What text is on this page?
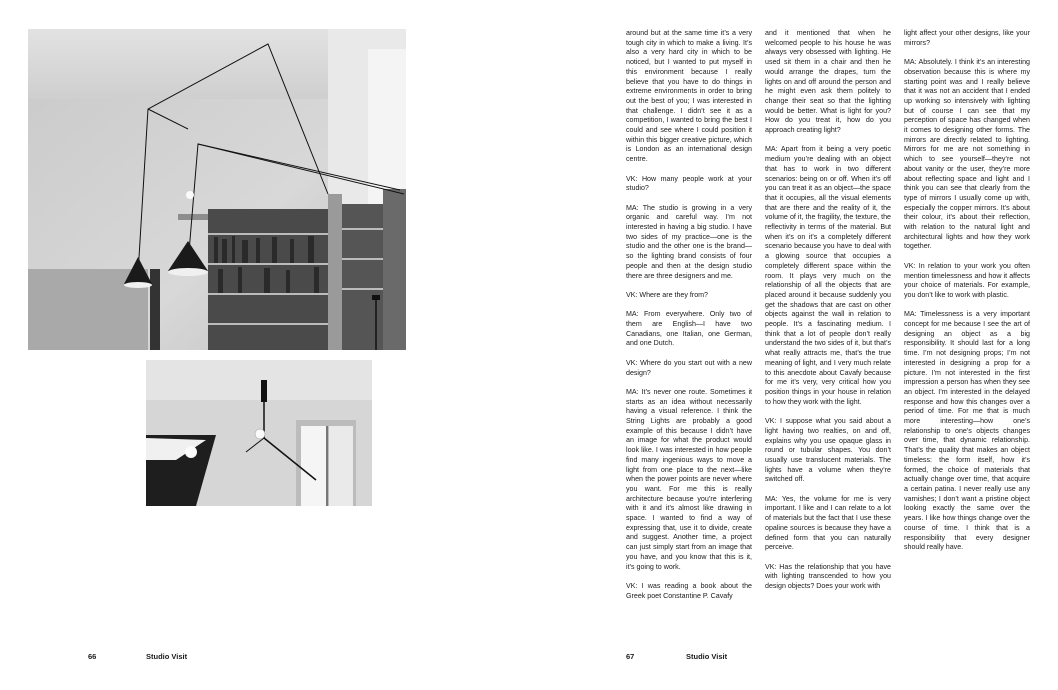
around but at the same time it’s a very tough city in which to make a living. It’s also a very hard city in which to be noticed, but I wanted to put myself in this environment because I really believe that you have to do things in extreme environments in order to bring out the best of you; I was interested in that challenge. I didn’t see it as a competition, I wanted to bring the best I could and see where I could position it within this bigger creative picture, which is London as an international design centre.

VK: How many people work at your studio?

MA: The studio is growing in a very organic and careful way. I’m not interested in having a big studio. I have two sides of my practice—one is the studio and the other one is the brand—so the lighting brand consists of four people and then at the design studio there are three designers and me.

VK: Where are they from?

MA: From everywhere. Only two of them are English—I have two Canadians, one Italian, one German, and one Dutch.

VK: Where do you start out with a new design?

MA: It’s never one route. Sometimes it starts as an idea without necessarily having a visual reference. I think the String Lights are probably a good example of this because I didn’t have an image for what the product would look like. I was interested in how people find many ingenious ways to move a light from one place to the next—like when the power points are never where you want. For me this is really architecture because you’re interfering with it and it’s almost like drawing in space. I wanted to find a way of expressing that, use it to divide, create and suggest. Another time, a project can just simply start from an image that you have, and you know that this is it, it’s going to work.

VK: I was reading a book about the Greek poet Constantine P. Cavafy

and it mentioned that when he welcomed people to his house he was always very obsessed with lighting. He used sit them in a chair and then he would arrange the drapes, turn the lights on and off around the person and he might even ask them politely to change their seat so that the lighting would be better. What is light for you? How do you treat it, how do you approach creating light?

MA: Apart from it being a very poetic medium you’re dealing with an object that has to work in two different scenarios: being on or off. When it’s off you can treat it as an object—the space that it occupies, all the visual elements that are there and the reality of it, the volume of it, the fragility, the texture, the reflectivity in terms of the material. But when it’s on it’s a completely different scenario because you have to deal with a glowing source that occupies a completely different space within the room. It plays very much on the relationship of all the objects that are placed around it because suddenly you get the shadows that are cast on other objects against the wall in relation to people. It’s a fascinating medium. I think that a lot of people don’t really understand the two sides of it, but that’s what really attracts me, that’s the true meaning of light, and I very much relate to this anecdote about Cavafy because for me it’s very, very critical how you position things in your house in relation to how they work with the light.

VK: I suppose what you said about a light having two realties, on and off, explains why you use opaque glass in round or tubular shapes. You don’t usually use translucent materials. The lights have a volume when they’re switched off.

MA: Yes, the volume for me is very important. I like and I can relate to a lot of materials but the fact that I use these opaline sources is because they have a defined form that you can naturally perceive.

VK: Has the relationship that you have with lighting transcended to how you design objects? Does your work with

light affect your other designs, like your mirrors?

MA: Absolutely. I think it’s an interesting observation because this is where my starting point was and I really believe that it was not an accident that I ended up working so intensively with lighting but of course I can see that my perception of space has changed when it comes to designing other forms. The mirrors are directly related to lighting. Mirrors for me are not something in which to see yourself—they’re not about vanity or the user, they’re more about reflecting space and light and I think you can see that clearly from the type of mirrors I usually come up with, especially the copper mirrors. It’s about their colour, it’s about their reflection, with relation to the natural light and architectural lights and how they work together.

VK: In relation to your work you often mention timelessness and how it affects your choice of materials. For example, you don’t like to work with plastic.

MA: Timelessness is a very important concept for me because I see the art of designing an object as a big responsibility. It should last for a long time. I’m not designing props; I’m not interested in designing a prop for a picture. I’m not interested in the first impression a person has when they see an object. I’m interested in the delayed response and how this changes over a period of time. For me that is much more interesting—how one’s relationship to one’s objects changes over time, that dynamic relationship. That’s the quality that makes an object timeless: the form itself, how it’s formed, the choice of materials that actually change over time, that acquire a certain patina. I never really use any varnishes; I don’t want a pristine object looking exactly the same over the years. I like how things change over the course of time. I think that is a responsibility that every designer should really have.

66	Studio Visit	67	Studio Visit
